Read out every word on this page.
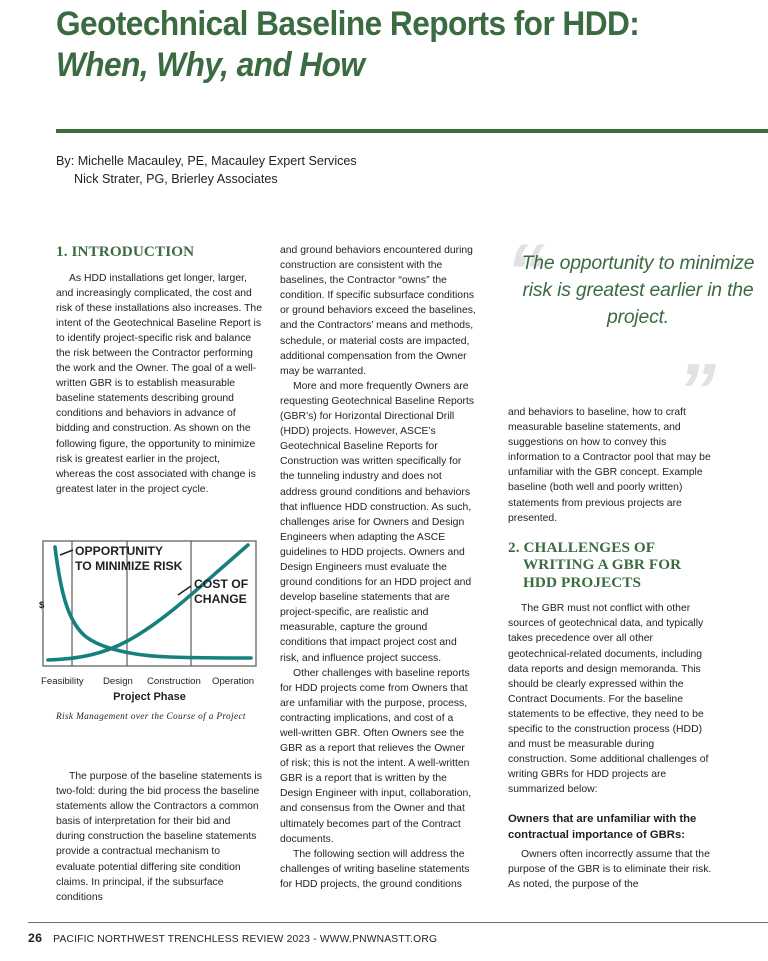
Geotechnical Baseline Reports for HDD:
When, Why, and How
By: Michelle Macauley, PE, Macauley Expert Services
Nick Strater, PG, Brierley Associates
1. INTRODUCTION

As HDD installations get longer, larger, and increasingly complicated, the cost and risk of these installations also increases. The intent of the Geotechnical Baseline Report is to identify project-specific risk and balance the risk between the Contractor performing the work and the Owner. The goal of a well-written GBR is to establish measurable baseline statements describing ground conditions and behaviors in advance of bidding and construction. As shown on the following figure, the opportunity to minimize risk is greatest earlier in the project, whereas the cost associated with change is greatest later in the project cycle.

$
OPPORTUNITY
TO MINIMIZE RISK
COST OF
CHANGE
Feasibility Design Construction Operation
Project Phase
Risk Management over the Course of a Project

The purpose of the baseline statements is two-fold: during the bid process the baseline statements allow the Contractors a common basis of interpretation for their bid and during construction the baseline statements provide a contractual mechanism to evaluate potential differing site condition claims. In principal, if the subsurface conditions

and ground behaviors encountered during construction are consistent with the baselines, the Contractor “owns” the condition. If specific subsurface conditions or ground behaviors exceed the baselines, and the Contractors’ means and methods, schedule, or material costs are impacted, additional compensation from the Owner may be warranted.

More and more frequently Owners are requesting Geotechnical Baseline Reports (GBR’s) for Horizontal Directional Drill (HDD) projects. However, ASCE’s Geotechnical Baseline Reports for Construction was written specifically for the tunneling industry and does not address ground conditions and behaviors that influence HDD construction. As such, challenges arise for Owners and Design Engineers when adapting the ASCE guidelines to HDD projects. Owners and Design Engineers must evaluate the ground conditions for an HDD project and develop baseline statements that are project-specific, are realistic and measurable, capture the ground conditions that impact project cost and risk, and influence project success.

Other challenges with baseline reports for HDD projects come from Owners that are unfamiliar with the purpose, process, contracting implications, and cost of a well-written GBR. Often Owners see the GBR as a report that relieves the Owner of risk; this is not the intent. A well-written GBR is a report that is written by the Design Engineer with input, collaboration, and consensus from the Owner and that ultimately becomes part of the Contract documents.

The following section will address the challenges of writing baseline statements for HDD projects, the ground conditions

“
”
The opportunity to minimize risk is greatest earlier in the project.

and behaviors to baseline, how to craft measurable baseline statements, and suggestions on how to convey this information to a Contractor pool that may be unfamiliar with the GBR concept. Example baseline (both well and poorly written) statements from previous projects are presented.

2. CHALLENGES OF
WRITING A GBR FOR
HDD PROJECTS

The GBR must not conflict with other sources of geotechnical data, and typically takes precedence over all other geotechnical-related documents, including data reports and design memoranda. This should be clearly expressed within the Contract Documents. For the baseline statements to be effective, they need to be specific to the construction process (HDD) and must be measurable during construction. Some additional challenges of writing GBRs for HDD projects are summarized below:

Owners that are unfamiliar with the
contractual importance of GBRs:

Owners often incorrectly assume that the purpose of the GBR is to eliminate their risk. As noted, the purpose of the

26 PACIFIC NORTHWEST TRENCHLESS REVIEW 2023 - WWW.PNWNASTT.ORG
